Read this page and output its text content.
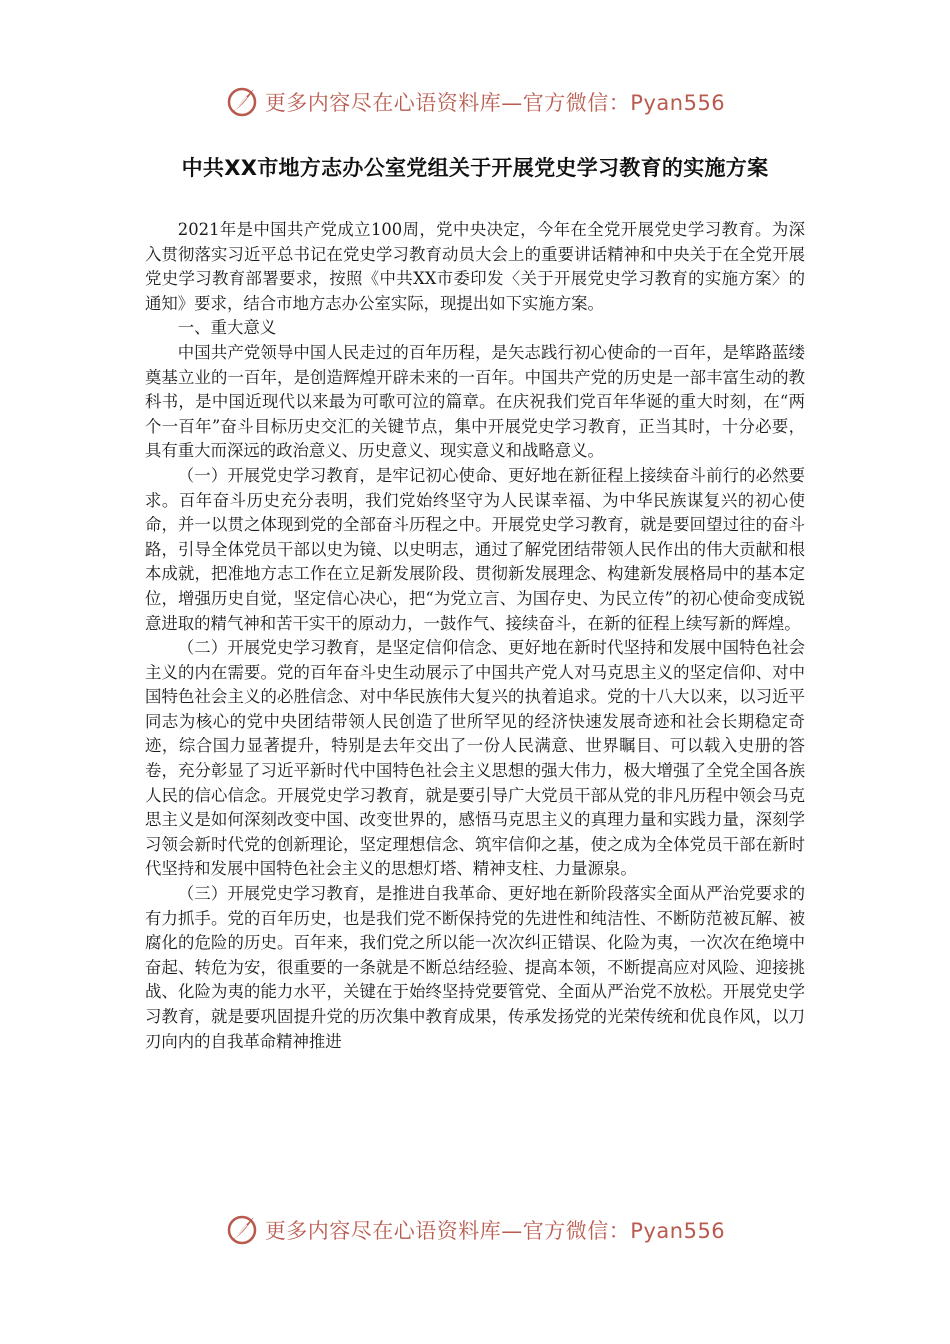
更多内容尽在心语资料库—官方微信：Pyan556
中共XX市地方志办公室党组关于开展党史学习教育的实施方案

2021年是中国共产党成立100周，党中央决定，今年在全党开展党史学习教育。为深入贯彻落实习近平总书记在党史学习教育动员大会上的重要讲话精神和中央关于在全党开展党史学习教育部署要求，按照《中共XX市委印发〈关于开展党史学习教育的实施方案〉的通知》要求，结合市地方志办公室实际，现提出如下实施方案。

一、重大意义

中国共产党领导中国人民走过的百年历程，是矢志践行初心使命的一百年，是筚路蓝缕奠基立业的一百年，是创造辉煌开辟未来的一百年。中国共产党的历史是一部丰富生动的教科书，是中国近现代以来最为可歌可泣的篇章。在庆祝我们党百年华诞的重大时刻，在“两个一百年”奋斗目标历史交汇的关键节点，集中开展党史学习教育，正当其时，十分必要，具有重大而深远的政治意义、历史意义、现实意义和战略意义。

（一）开展党史学习教育，是牢记初心使命、更好地在新征程上接续奋斗前行的必然要求。百年奋斗历史充分表明，我们党始终坚守为人民谋幸福、为中华民族谋复兴的初心使命，并一以贯之体现到党的全部奋斗历程之中。开展党史学习教育，就是要回望过往的奋斗路，引导全体党员干部以史为镜、以史明志，通过了解党团结带领人民作出的伟大贡献和根本成就，把准地方志工作在立足新发展阶段、贯彻新发展理念、构建新发展格局中的基本定位，增强历史自觉，坚定信心决心，把“为党立言、为国存史、为民立传”的初心使命变成锐意进取的精气神和苦干实干的原动力，一鼓作气、接续奋斗，在新的征程上续写新的辉煌。

（二）开展党史学习教育，是坚定信仰信念、更好地在新时代坚持和发展中国特色社会主义的内在需要。党的百年奋斗史生动展示了中国共产党人对马克思主义的坚定信仰、对中国特色社会主义的必胜信念、对中华民族伟大复兴的执着追求。党的十八大以来，以习近平同志为核心的党中央团结带领人民创造了世所罕见的经济快速发展奇迹和社会长期稳定奇迹，综合国力显著提升，特别是去年交出了一份人民满意、世界瞩目、可以载入史册的答卷，充分彰显了习近平新时代中国特色社会主义思想的强大伟力，极大增强了全党全国各族人民的信心信念。开展党史学习教育，就是要引导广大党员干部从党的非凡历程中领会马克思主义是如何深刻改变中国、改变世界的，感悟马克思主义的真理力量和实践力量，深刻学习领会新时代党的创新理论，坚定理想信念、筑牢信仰之基，使之成为全体党员干部在新时代坚持和发展中国特色社会主义的思想灯塔、精神支柱、力量源泉。

（三）开展党史学习教育，是推进自我革命、更好地在新阶段落实全面从严治党要求的有力抓手。党的百年历史，也是我们党不断保持党的先进性和纯洁性、不断防范被瓦解、被腐化的危险的历史。百年来，我们党之所以能一次次纠正错误、化险为夷，一次次在绝境中奋起、转危为安，很重要的一条就是不断总结经验、提高本领，不断提高应对风险、迎接挑战、化险为夷的能力水平，关键在于始终坚持党要管党、全面从严治党不放松。开展党史学习教育，就是要巩固提升党的历次集中教育成果，传承发扬党的光荣传统和优良作风，以刀刃向内的自我革命精神推进

更多内容尽在心语资料库—官方微信：Pyan556
